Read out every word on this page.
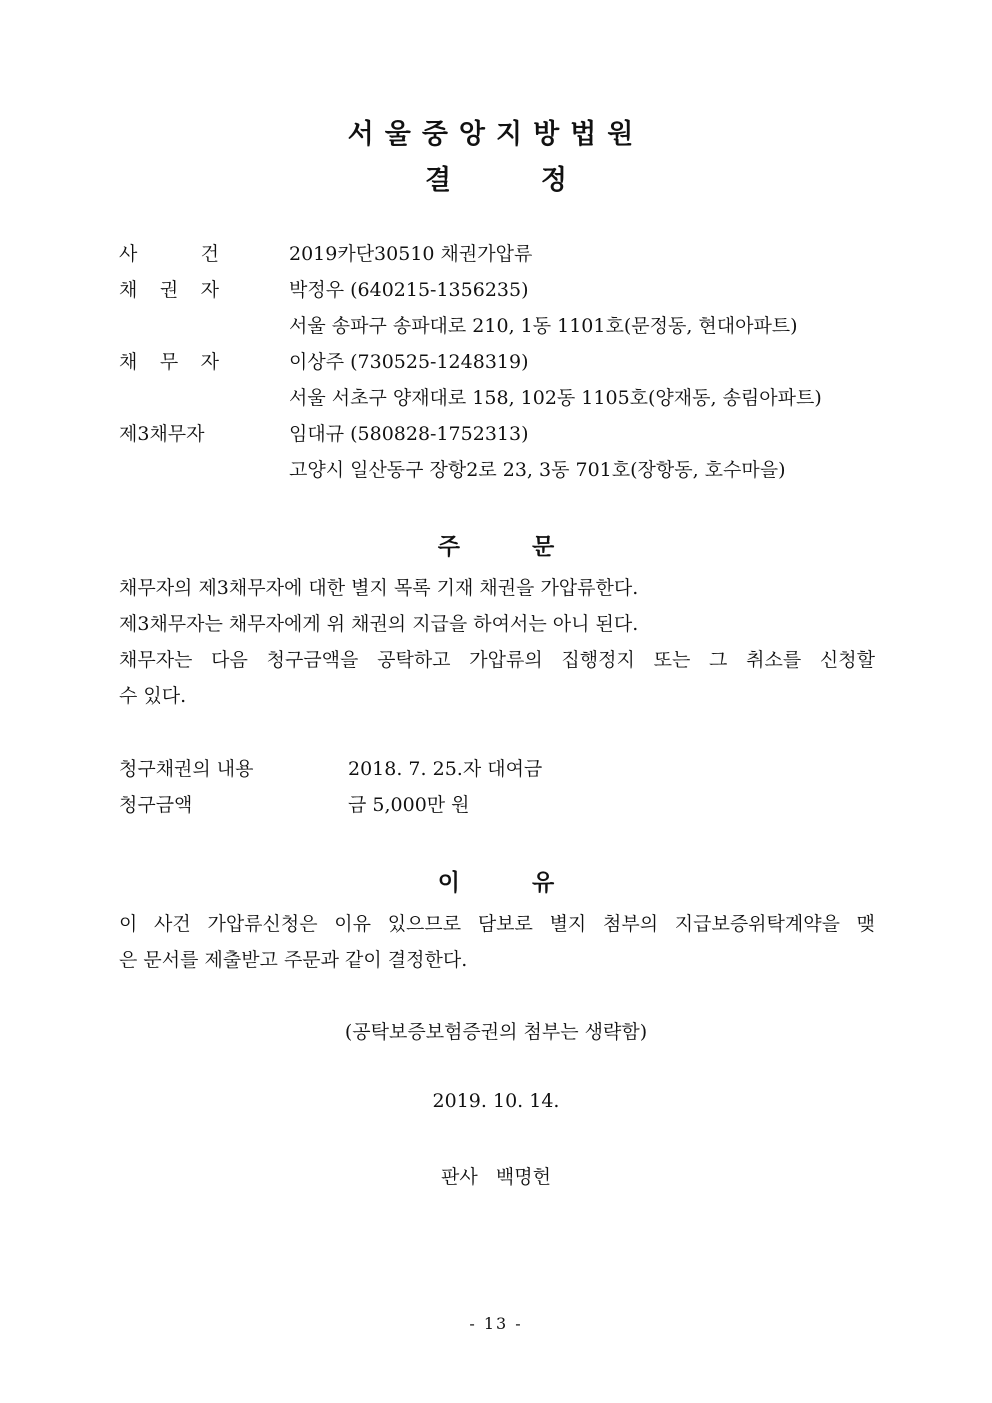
서울중앙지방법원
결	정
사	건	2019카단30510 채권가압류
채 권 자	박정우 (640215-1356235)
서울 송파구 송파대로 210, 1동 1101호(문정동, 현대아파트)
채 무 자	이상주 (730525-1248319)
서울 서초구 양재대로 158, 102동 1105호(양재동, 송림아파트)
제3채무자	임대규 (580828-1752313)
고양시 일산동구 장항2로 23, 3동 701호(장항동, 호수마을)
주	문
채무자의 제3채무자에 대한 별지 목록 기재 채권을 가압류한다.
제3채무자는 채무자에게 위 채권의 지급을 하여서는 아니 된다.
채무자는 다음 청구금액을 공탁하고 가압류의 집행정지 또는 그 취소를 신청할
수 있다.
청구채권의 내용	2018. 7. 25.자 대여금
청구금액	금 5,000만 원
이	유
이 사건 가압류신청은 이유 있으므로 담보로 별지 첨부의 지급보증위탁계약을 맺
은 문서를 제출받고 주문과 같이 결정한다.
(공탁보증보험증권의 첨부는 생략함)
2019. 10. 14.
판사   백명헌
- 13 -
